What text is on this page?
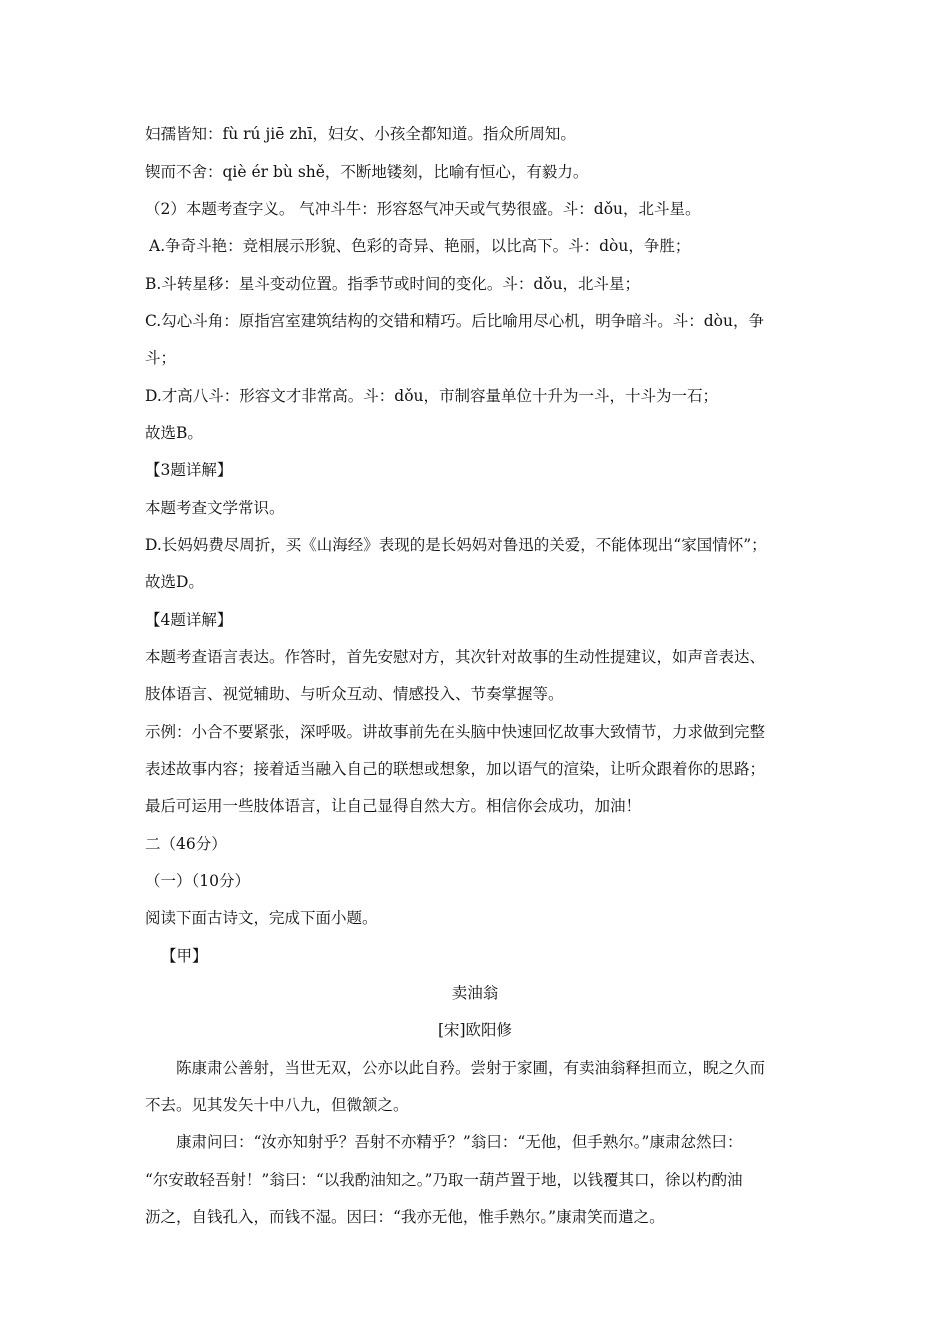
妇孺皆知：fù rú jiē zhī，妇女、小孩全都知道。指众所周知。
锲而不舍：qiè ér bù shě，不断地镂刻，比喻有恒心，有毅力。
（2）本题考查字义。 气冲斗牛：形容怒气冲天或气势很盛。斗：dǒu，北斗星。
A.争奇斗艳：竞相展示形貌、色彩的奇异、艳丽，以比高下。斗：dòu，争胜；
B.斗转星移：星斗变动位置。指季节或时间的变化。斗：dǒu，北斗星；
C.勾心斗角：原指宫室建筑结构的交错和精巧。后比喻用尽心机，明争暗斗。斗：dòu，争
斗；
D.才高八斗：形容文才非常高。斗：dǒu，市制容量单位十升为一斗，十斗为一石；
故选B。
【3题详解】
本题考查文学常识。
D.长妈妈费尽周折，买《山海经》表现的是长妈妈对鲁迅的关爱，不能体现出“家国情怀”；
故选D。
【4题详解】
本题考查语言表达。作答时，首先安慰对方，其次针对故事的生动性提建议，如声音表达、
肢体语言、视觉辅助、与听众互动、情感投入、节奏掌握等。
示例：小合不要紧张，深呼吸。讲故事前先在头脑中快速回忆故事大致情节，力求做到完整
表述故事内容；接着适当融入自己的联想或想象，加以语气的渲染，让听众跟着你的思路；
最后可运用一些肢体语言，让自己显得自然大方。相信你会成功，加油！
二（46分）
（一）（10分）
阅读下面古诗文，完成下面小题。
【甲】
卖油翁
[宋]欧阳修
陈康肃公善射，当世无双，公亦以此自矜。尝射于家圃，有卖油翁释担而立，睨之久而
不去。见其发矢十中八九，但微颔之。
康肃问曰：“汝亦知射乎？吾射不亦精乎？”翁曰：“无他，但手熟尔。”康肃忿然曰：
“尔安敢轻吾射！”翁曰：“以我酌油知之。”乃取一葫芦置于地，以钱覆其口，徐以杓酌油
沥之，自钱孔入，而钱不湿。因曰：“我亦无他，惟手熟尔。”康肃笑而遣之。
